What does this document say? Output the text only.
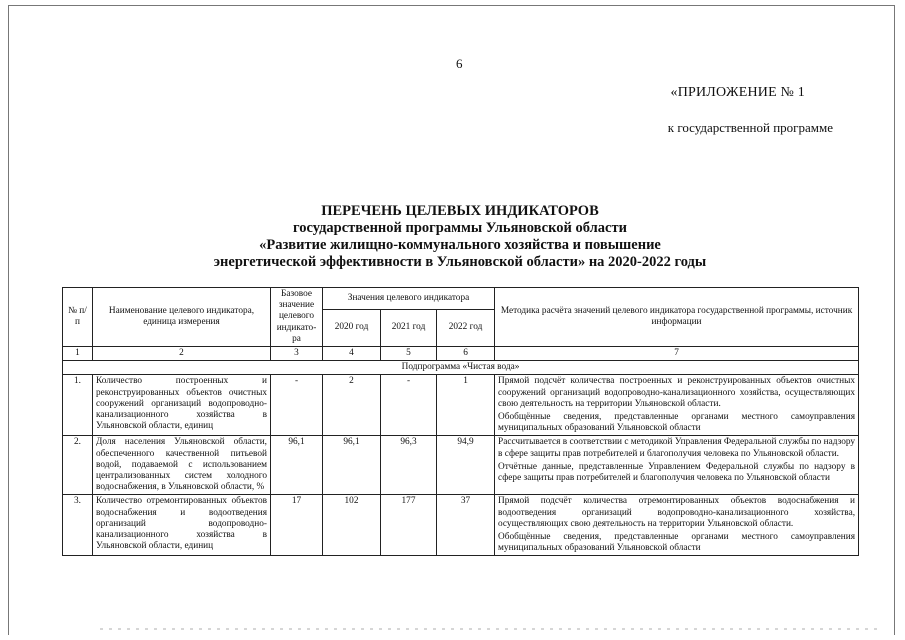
6
«ПРИЛОЖЕНИЕ № 1
к государственной программе
ПЕРЕЧЕНЬ ЦЕЛЕВЫХ ИНДИКАТОРОВ
государственной программы Ульяновской области
«Развитие жилищно-коммунального хозяйства и повышение
энергетической эффективности в Ульяновской области» на 2020-2022 годы
№ п/п	Наименование целевого индикатора, единица измерения	Базовое значение целевого индикато-ра	Значения целевого индикатора			Методика расчёта значений целевого индикатора государственной программы, источник информации
			2020 год	2021 год	2022 год	
1	2	3	4	5	6	7
Подпрограмма «Чистая вода»						
1.	Количество построенных и реконструированных объектов очистных сооружений организаций водопроводно-канализационного хозяйства в Ульяновской области, единиц	-	2	-	1	Прямой подсчёт количества построенных и реконструированных объектов очистных сооружений организаций водопроводно-канализационного хозяйства, осуществляющих свою деятельность на территории Ульяновской области.
Обобщённые сведения, представленные органами местного самоуправления муниципальных образований Ульяновской области

2.	Доля населения Ульяновской области, обеспеченного качественной питьевой водой, подаваемой с использованием централизованных систем холодного водоснабжения, в Ульяновской области, %	96,1	96,1	96,3	94,9	Рассчитывается в соответствии с методикой Управления Федеральной службы по надзору в сфере защиты прав потребителей и благополучия человека по Ульяновской области.
Отчётные данные, представленные Управлением Федеральной службы по надзору в сфере защиты прав потребителей и благополучия человека по Ульяновской области

3.	Количество отремонтированных объектов водоснабжения и водоотведения организаций водопроводно-канализационного хозяйства в Ульяновской области, единиц	17	102	177	37	Прямой подсчёт количества отремонтированных объектов водоснабжения и водоотведения организаций водопроводно-канализационного хозяйства, осуществляющих свою деятельность на территории Ульяновской области.
Обобщённые сведения, представленные органами местного самоуправления муниципальных образований Ульяновской области
